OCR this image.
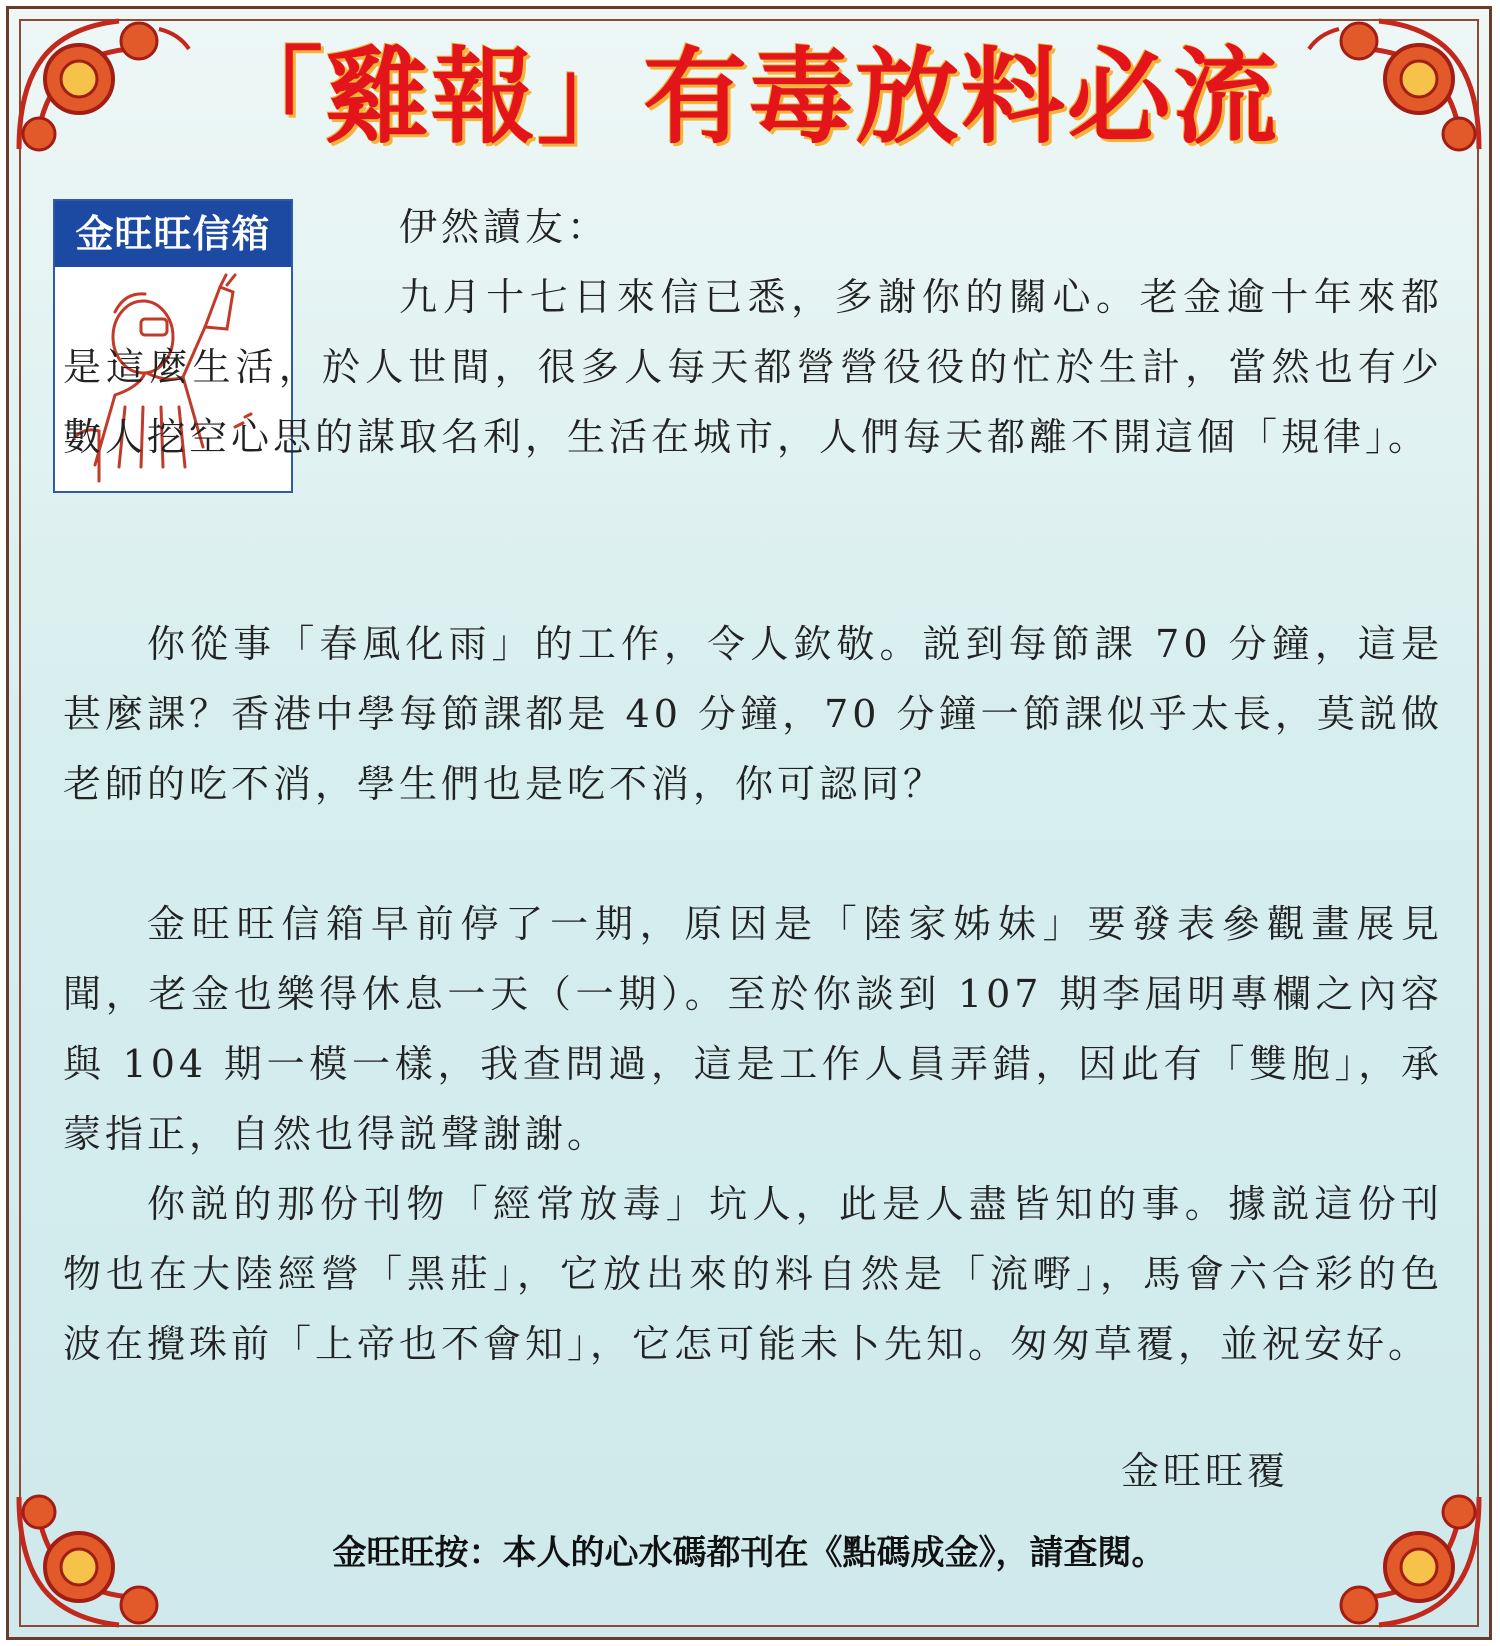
「雞報」有毒放料必流
金旺旺信箱	伊然讀友：

九月十七日來信已悉，多謝你的關心。老金逾十年來都是這麼生活，於人世間，很多人每天都營營役役的忙於生計，當然也有少數人挖空心思的謀取名利，生活在城市，人們每天都離不開這個「規律」。

你從事「春風化雨」的工作，令人欽敬。説到每節課 70 分鐘，這是甚麼課？香港中學每節課都是 40 分鐘，70 分鐘一節課似乎太長，莫説做老師的吃不消，學生們也是吃不消，你可認同？

金旺旺信箱早前停了一期，原因是「陸家姊妹」要發表參觀畫展見聞，老金也樂得休息一天（一期）。至於你談到 107 期李屆明專欄之內容與 104 期一模一樣，我查問過，這是工作人員弄錯，因此有「雙胞」，承蒙指正，自然也得説聲謝謝。

你説的那份刊物「經常放毒」坑人，此是人盡皆知的事。據説這份刊物也在大陸經營「黑莊」，它放出來的料自然是「流嘢」，馬會六合彩的色波在攪珠前「上帝也不會知」，它怎可能未卜先知。匆匆草覆，並祝安好。

金旺旺覆
金旺旺按：本人的心水碼都刊在《點碼成金》，請查閱。
